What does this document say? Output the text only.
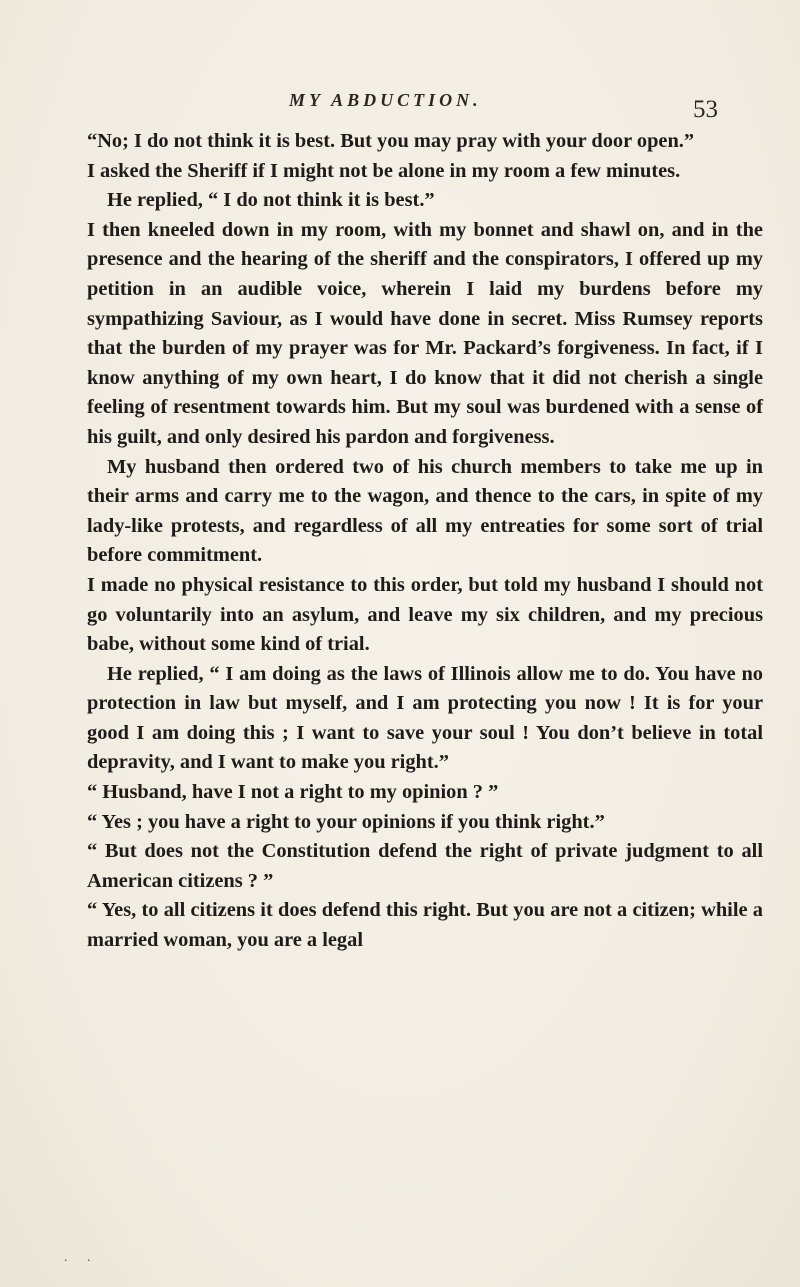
MY ABDUCTION.	53

“No; I do not think it is best. But you may pray with your door open.”

I asked the Sheriff if I might not be alone in my room a few minutes.

He replied, “ I do not think it is best.”

I then kneeled down in my room, with my bonnet and shawl on, and in the presence and the hearing of the sheriff and the conspirators, I offered up my petition in an audible voice, wherein I laid my burdens before my sympathizing Saviour, as I would have done in secret. Miss Rumsey reports that the burden of my prayer was for Mr. Packard’s forgiveness. In fact, if I know anything of my own heart, I do know that it did not cherish a single feeling of resentment towards him. But my soul was burdened with a sense of his guilt, and only desired his pardon and forgiveness.

My husband then ordered two of his church members to take me up in their arms and carry me to the wagon, and thence to the cars, in spite of my lady-like protests, and regardless of all my entreaties for some sort of trial before commitment.

I made no physical resistance to this order, but told my husband I should not go voluntarily into an asylum, and leave my six children, and my precious babe, without some kind of trial.

He replied, “ I am doing as the laws of Illinois allow me to do. You have no protection in law but myself, and I am protecting you now ! It is for your good I am doing this ; I want to save your soul ! You don’t believe in total depravity, and I want to make you right.”

“ Husband, have I not a right to my opinion ? ”

“ Yes ; you have a right to your opinions if you think right.”

“ But does not the Constitution defend the right of private judgment to all American citizens ? ”

“ Yes, to all citizens it does defend this right. But you are not a citizen; while a married woman, you are a legal

. .
